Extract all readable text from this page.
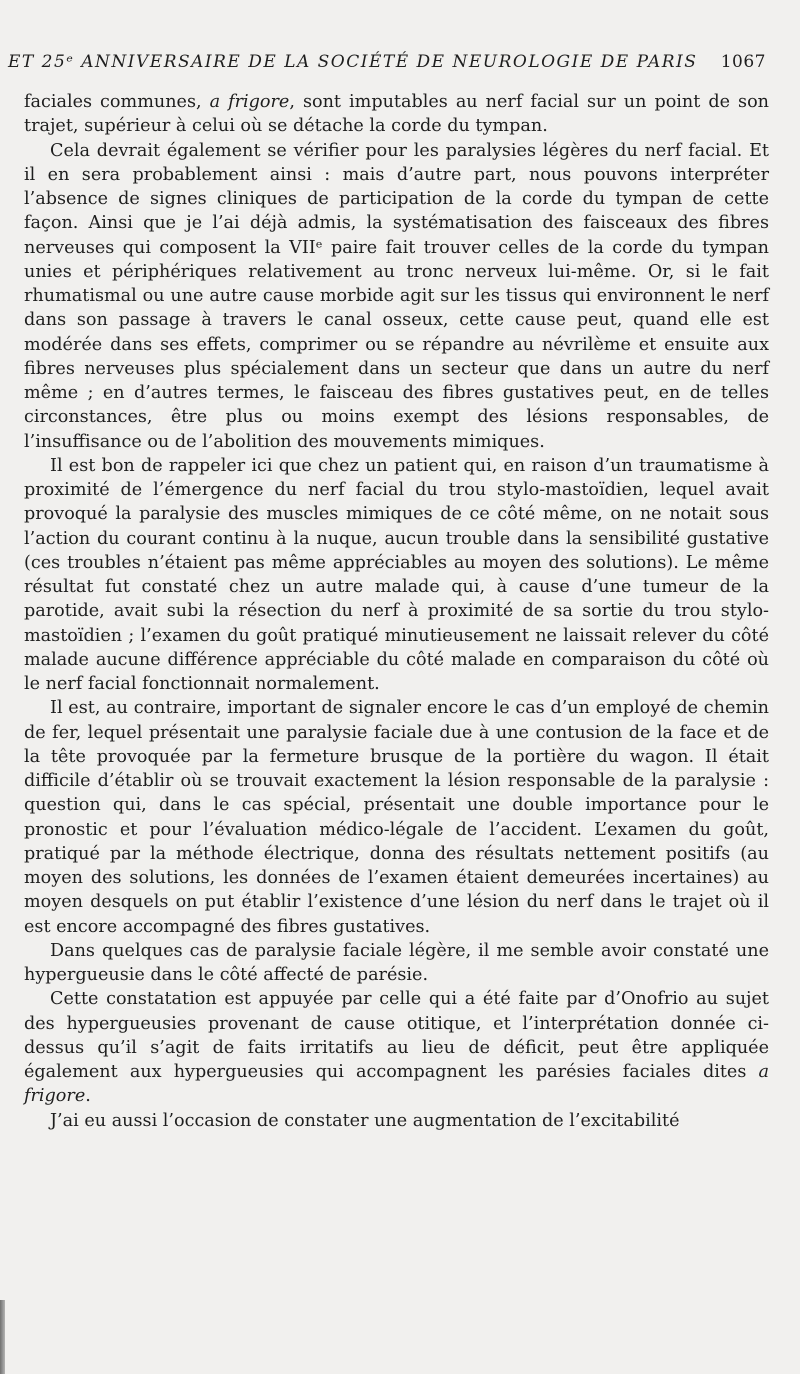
ET 25ᵉ ANNIVERSAIRE DE LA SOCIÉTÉ DE NEUROLOGIE DE PARIS 1067

faciales communes, a frigore, sont imputables au nerf facial sur un point de son trajet, supérieur à celui où se détache la corde du tympan.

Cela devrait également se vérifier pour les paralysies légères du nerf facial. Et il en sera probablement ainsi : mais d’autre part, nous pouvons interpréter l’absence de signes cliniques de participation de la corde du tympan de cette façon. Ainsi que je l’ai déjà admis, la systématisation des faisceaux des fibres nerveuses qui composent la VIIᵉ paire fait trouver celles de la corde du tympan unies et périphériques relativement au tronc nerveux lui-même. Or, si le fait rhumatismal ou une autre cause morbide agit sur les tissus qui environnent le nerf dans son passage à travers le canal osseux, cette cause peut, quand elle est modérée dans ses effets, comprimer ou se répandre au névrilème et ensuite aux fibres nerveuses plus spécialement dans un secteur que dans un autre du nerf même ; en d’autres termes, le faisceau des fibres gustatives peut, en de telles circonstances, être plus ou moins exempt des lésions responsables, de l’insuffisance ou de l’abolition des mouvements mimiques.

Il est bon de rappeler ici que chez un patient qui, en raison d’un traumatisme à proximité de l’émergence du nerf facial du trou stylo-mastoïdien, lequel avait provoqué la paralysie des muscles mimiques de ce côté même, on ne notait sous l’action du courant continu à la nuque, aucun trouble dans la sensibilité gustative (ces troubles n’étaient pas même appréciables au moyen des solutions). Le même résultat fut constaté chez un autre malade qui, à cause d’une tumeur de la parotide, avait subi la résection du nerf à proximité de sa sortie du trou stylo-mastoïdien ; l’examen du goût pratiqué minutieusement ne laissait relever du côté malade aucune différence appréciable du côté malade en comparaison du côté où le nerf facial fonctionnait normalement.

Il est, au contraire, important de signaler encore le cas d’un employé de chemin de fer, lequel présentait une paralysie faciale due à une contusion de la face et de la tête provoquée par la fermeture brusque de la portière du wagon. Il était difficile d’établir où se trouvait exactement la lésion responsable de la paralysie : question qui, dans le cas spécial, présentait une double importance pour le pronostic et pour l’évaluation médico-légale de l’accident. L’examen du goût, pratiqué par la méthode électrique, donna des résultats nettement positifs (au moyen des solutions, les données de l’examen étaient demeurées incertaines) au moyen desquels on put établir l’existence d’une lésion du nerf dans le trajet où il est encore accompagné des fibres gustatives.

Dans quelques cas de paralysie faciale légère, il me semble avoir constaté une hypergueusie dans le côté affecté de parésie.

Cette constatation est appuyée par celle qui a été faite par d’Onofrio au sujet des hypergueusies provenant de cause otitique, et l’interprétation donnée ci-dessus qu’il s’agit de faits irritatifs au lieu de déficit, peut être appliquée également aux hypergueusies qui accompagnent les parésies faciales dites a frigore.

J’ai eu aussi l’occasion de constater une augmentation de l’excitabilité
